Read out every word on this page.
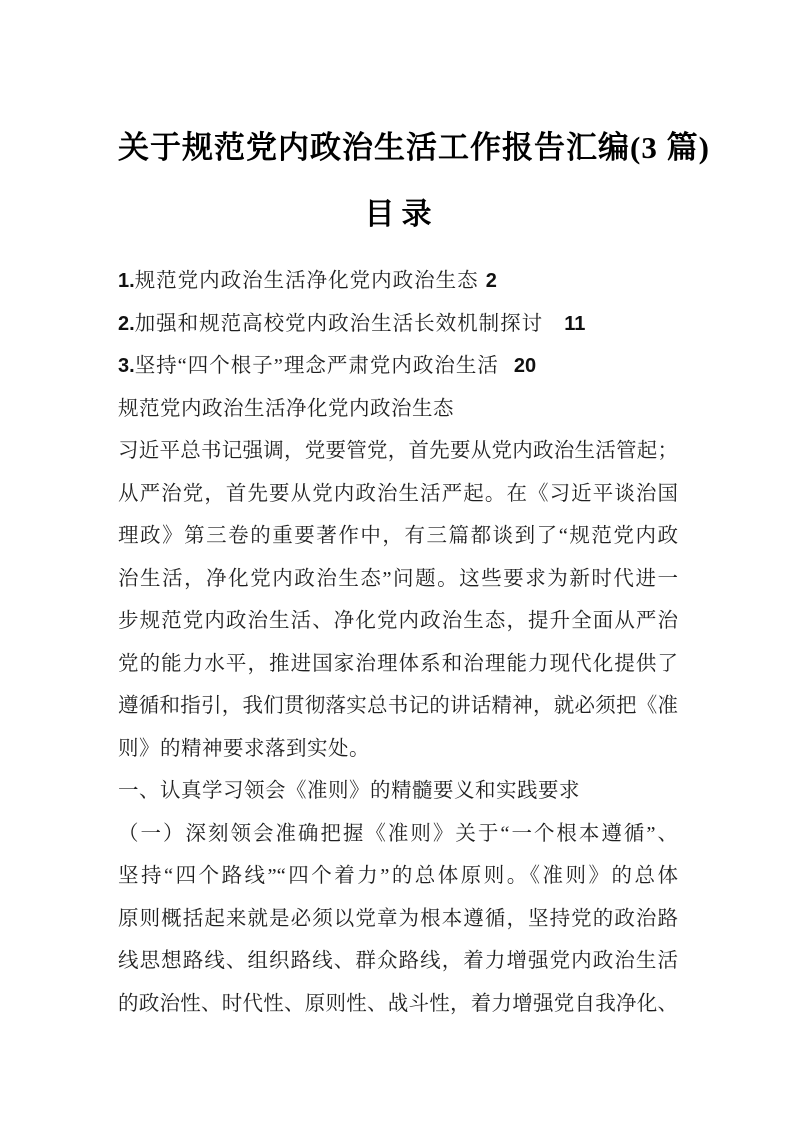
关于规范党内政治生活工作报告汇编(3 篇)
目录
1.规范党内政治生活净化党内政治生态 2
2.加强和规范高校党内政治生活长效机制探讨 11
3.坚持“四个根子”理念严肃党内政治生活 20
规范党内政治生活净化党内政治生态
习近平总书记强调，党要管党，首先要从党内政治生活管起；
从严治党，首先要从党内政治生活严起。在《习近平谈治国
理政》第三卷的重要著作中，有三篇都谈到了“规范党内政
治生活，净化党内政治生态”问题。这些要求为新时代进一
步规范党内政治生活、净化党内政治生态，提升全面从严治
党的能力水平，推进国家治理体系和治理能力现代化提供了
遵循和指引，我们贯彻落实总书记的讲话精神，就必须把《准
则》的精神要求落到实处。
一、认真学习领会《准则》的精髓要义和实践要求
（一）深刻领会准确把握《准则》关于“一个根本遵循”、
坚持“四个路线”“四个着力”的总体原则。《准则》的总体
原则概括起来就是必须以党章为根本遵循，坚持党的政治路
线思想路线、组织路线、群众路线，着力增强党内政治生活
的政治性、时代性、原则性、战斗性，着力增强党自我净化、
